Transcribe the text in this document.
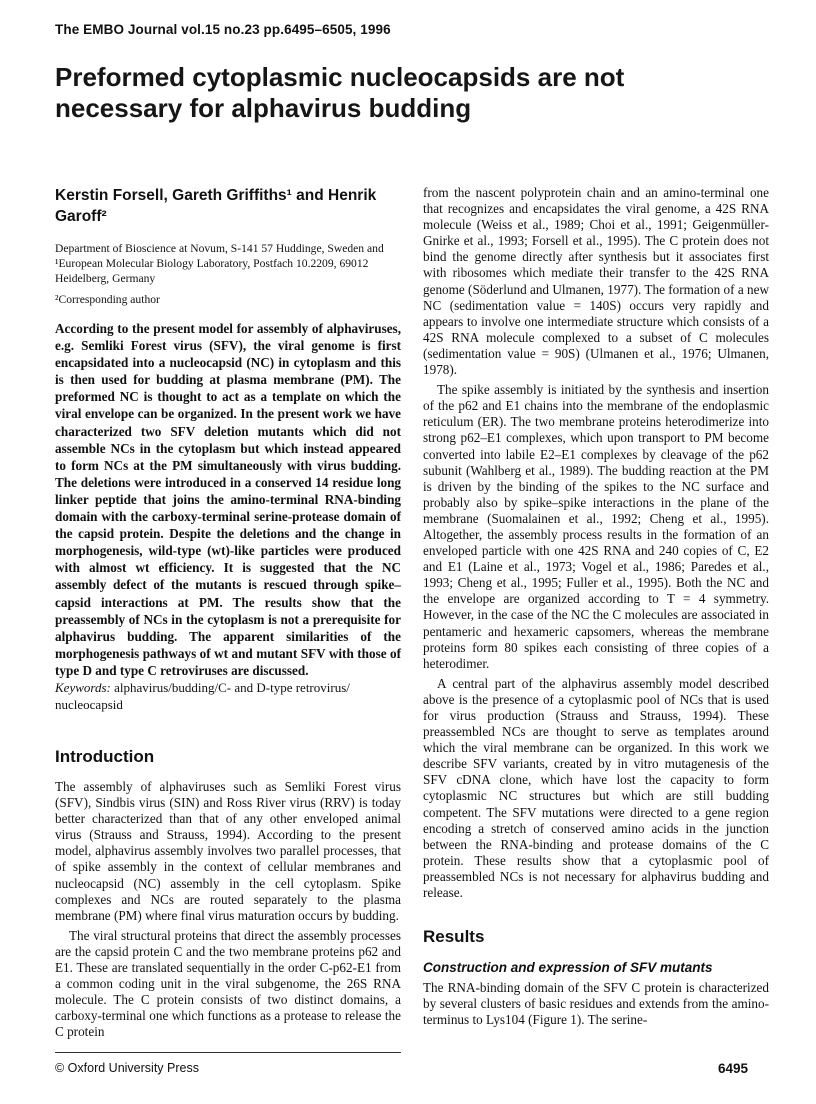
The EMBO Journal vol.15 no.23 pp.6495–6505, 1996
Preformed cytoplasmic nucleocapsids are not necessary for alphavirus budding
Kerstin Forsell, Gareth Griffiths¹ and Henrik Garoff²

Department of Bioscience at Novum, S-141 57 Huddinge, Sweden and ¹European Molecular Biology Laboratory, Postfach 10.2209, 69012 Heidelberg, Germany

²Corresponding author

According to the present model for assembly of alphaviruses, e.g. Semliki Forest virus (SFV), the viral genome is first encapsidated into a nucleocapsid (NC) in cytoplasm and this is then used for budding at plasma membrane (PM). The preformed NC is thought to act as a template on which the viral envelope can be organized. In the present work we have characterized two SFV deletion mutants which did not assemble NCs in the cytoplasm but which instead appeared to form NCs at the PM simultaneously with virus budding. The deletions were introduced in a conserved 14 residue long linker peptide that joins the amino-terminal RNA-binding domain with the carboxy-terminal serine-protease domain of the capsid protein. Despite the deletions and the change in morphogenesis, wild-type (wt)-like particles were produced with almost wt efficiency. It is suggested that the NC assembly defect of the mutants is rescued through spike–capsid interactions at PM. The results show that the preassembly of NCs in the cytoplasm is not a prerequisite for alphavirus budding. The apparent similarities of the morphogenesis pathways of wt and mutant SFV with those of type D and type C retroviruses are discussed.

Keywords: alphavirus/budding/C- and D-type retrovirus/ nucleocapsid

Introduction

The assembly of alphaviruses such as Semliki Forest virus (SFV), Sindbis virus (SIN) and Ross River virus (RRV) is today better characterized than that of any other enveloped animal virus (Strauss and Strauss, 1994). According to the present model, alphavirus assembly involves two parallel processes, that of spike assembly in the context of cellular membranes and nucleocapsid (NC) assembly in the cell cytoplasm. Spike complexes and NCs are routed separately to the plasma membrane (PM) where final virus maturation occurs by budding.

The viral structural proteins that direct the assembly processes are the capsid protein C and the two membrane proteins p62 and E1. These are translated sequentially in the order C-p62-E1 from a common coding unit in the viral subgenome, the 26S RNA molecule. The C protein consists of two distinct domains, a carboxy-terminal one which functions as a protease to release the C protein

from the nascent polyprotein chain and an amino-terminal one that recognizes and encapsidates the viral genome, a 42S RNA molecule (Weiss et al., 1989; Choi et al., 1991; Geigenmüller-Gnirke et al., 1993; Forsell et al., 1995). The C protein does not bind the genome directly after synthesis but it associates first with ribosomes which mediate their transfer to the 42S RNA genome (Söderlund and Ulmanen, 1977). The formation of a new NC (sedimentation value = 140S) occurs very rapidly and appears to involve one intermediate structure which consists of a 42S RNA molecule complexed to a subset of C molecules (sedimentation value = 90S) (Ulmanen et al., 1976; Ulmanen, 1978).

The spike assembly is initiated by the synthesis and insertion of the p62 and E1 chains into the membrane of the endoplasmic reticulum (ER). The two membrane proteins heterodimerize into strong p62–E1 complexes, which upon transport to PM become converted into labile E2–E1 complexes by cleavage of the p62 subunit (Wahlberg et al., 1989). The budding reaction at the PM is driven by the binding of the spikes to the NC surface and probably also by spike–spike interactions in the plane of the membrane (Suomalainen et al., 1992; Cheng et al., 1995). Altogether, the assembly process results in the formation of an enveloped particle with one 42S RNA and 240 copies of C, E2 and E1 (Laine et al., 1973; Vogel et al., 1986; Paredes et al., 1993; Cheng et al., 1995; Fuller et al., 1995). Both the NC and the envelope are organized according to T = 4 symmetry. However, in the case of the NC the C molecules are associated in pentameric and hexameric capsomers, whereas the membrane proteins form 80 spikes each consisting of three copies of a heterodimer.

A central part of the alphavirus assembly model described above is the presence of a cytoplasmic pool of NCs that is used for virus production (Strauss and Strauss, 1994). These preassembled NCs are thought to serve as templates around which the viral membrane can be organized. In this work we describe SFV variants, created by in vitro mutagenesis of the SFV cDNA clone, which have lost the capacity to form cytoplasmic NC structures but which are still budding competent. The SFV mutations were directed to a gene region encoding a stretch of conserved amino acids in the junction between the RNA-binding and protease domains of the C protein. These results show that a cytoplasmic pool of preassembled NCs is not necessary for alphavirus budding and release.

Results
Construction and expression of SFV mutants

The RNA-binding domain of the SFV C protein is characterized by several clusters of basic residues and extends from the amino-terminus to Lys104 (Figure 1). The serine-

© Oxford University Press	6495
